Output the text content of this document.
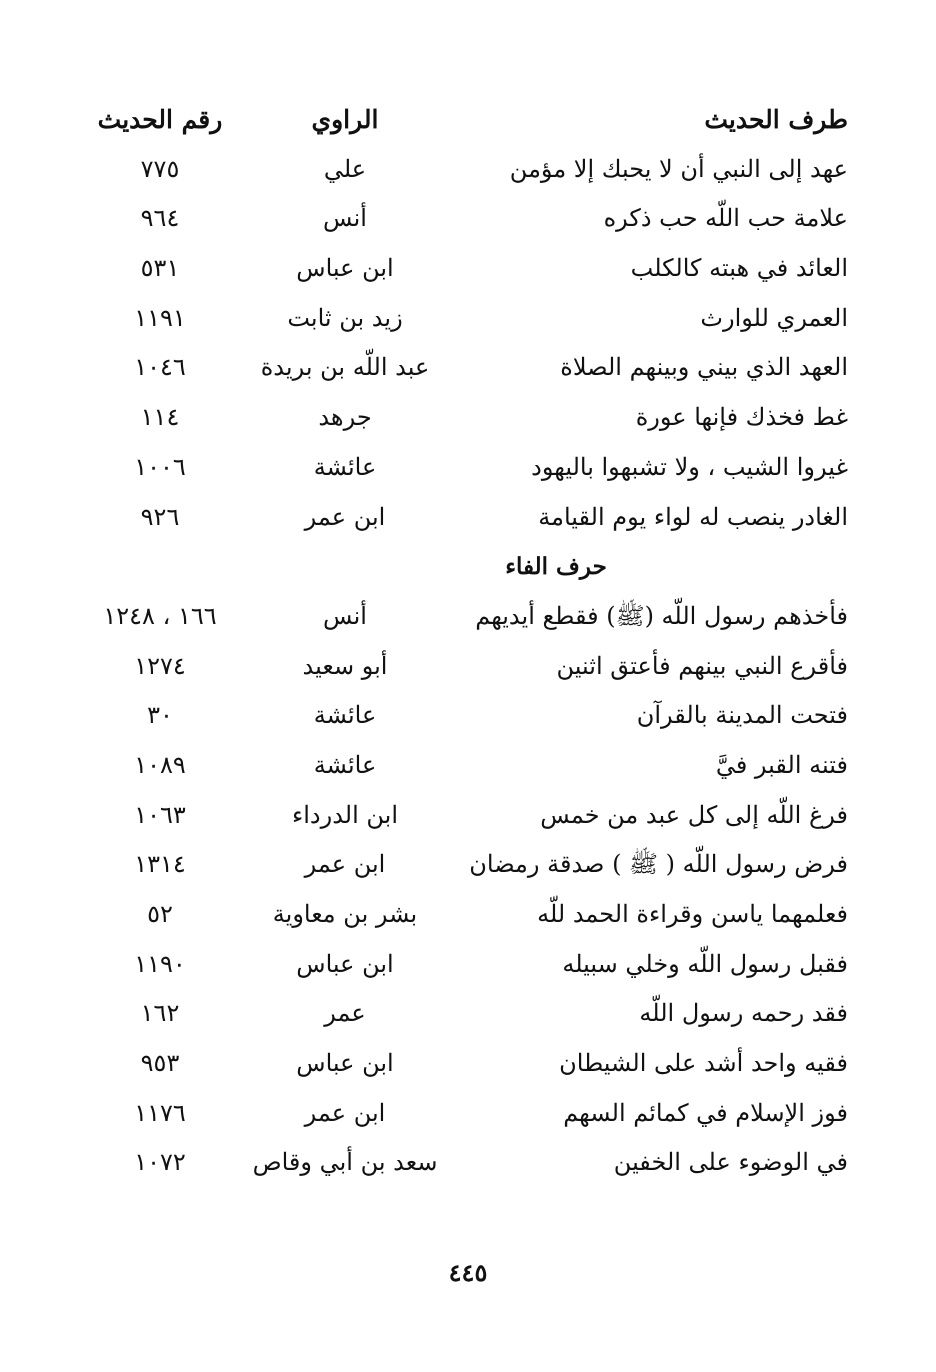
طرف الحديث
الراوي
رقم الحديث
عهد إلى النبي أن لا يحبك إلا مؤمن
علي
٧٧٥
علامة حب اللّه حب ذكره
أنس
٩٦٤
العائد في هبته كالكلب
ابن عباس
٥٣١
العمري للوارث
زيد بن ثابت
١١٩١
العهد الذي بيني وبينهم الصلاة
عبد اللّه بن بريدة
١٠٤٦
غط فخذك فإنها عورة
جرهد
١١٤
غيروا الشيب ، ولا تشبهوا باليهود
عائشة
١٠٠٦
الغادر ينصب له لواء يوم القيامة
ابن عمر
٩٢٦
حرف الفاء
فأخذهم رسول اللّه (ﷺ) فقطع أيديهم
أنس
١٦٦ ، ١٢٤٨
فأقرع النبي بينهم فأعتق اثنين
أبو سعيد
١٢٧٤
فتحت المدينة بالقرآن
عائشة
٣٠
فتنه القبر فيَّ
عائشة
١٠٨٩
فرغ اللّه إلى كل عبد من خمس
ابن الدرداء
١٠٦٣
فرض رسول اللّه ( ﷺ ) صدقة رمضان
ابن عمر
١٣١٤
فعلمهما ياسن وقراءة الحمد للّه
بشر بن معاوية
٥٢
فقبل رسول اللّه وخلي سبيله
ابن عباس
١١٩٠
فقد رحمه رسول اللّه
عمر
١٦٢
فقيه واحد أشد على الشيطان
ابن عباس
٩٥٣
فوز الإسلام في كمائم السهم
ابن عمر
١١٧٦
في الوضوء على الخفين
سعد بن أبي وقاص
١٠٧٢
٤٤٥
